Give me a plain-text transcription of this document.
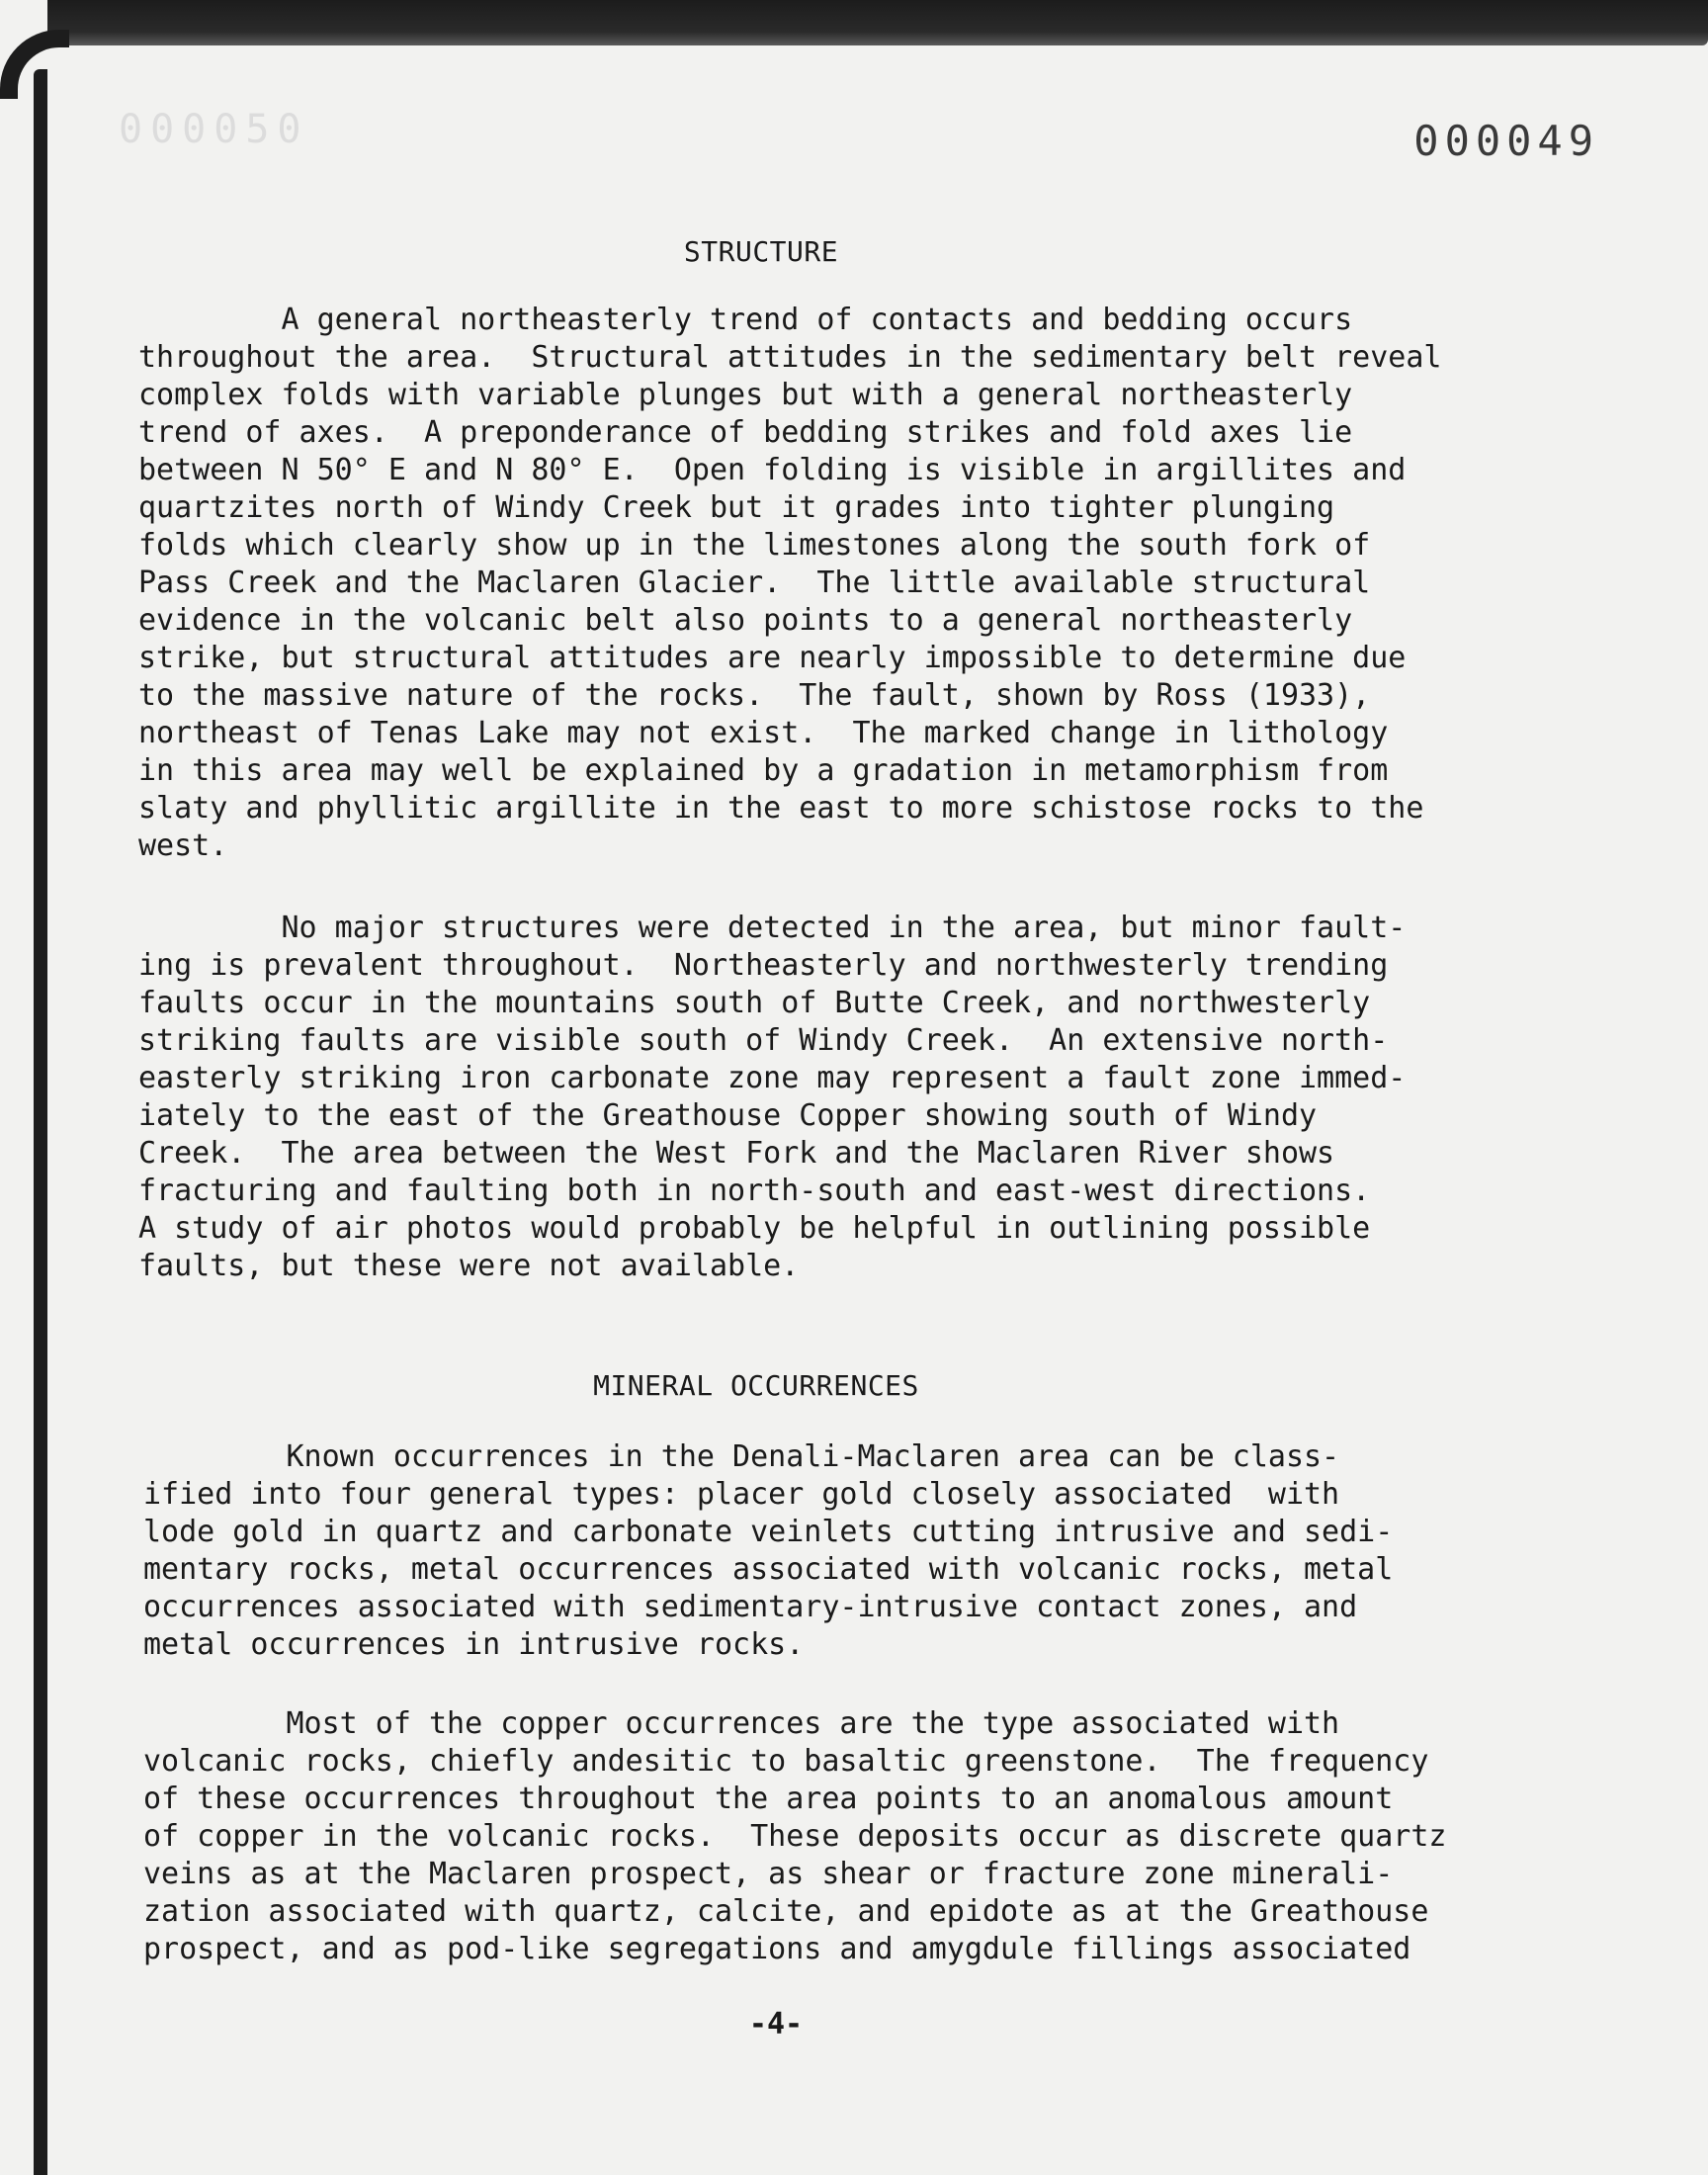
000050	000049
STRUCTURE

A general northeasterly trend of contacts and bedding occurs
throughout the area.  Structural attitudes in the sedimentary belt reveal
complex folds with variable plunges but with a general northeasterly
trend of axes.  A preponderance of bedding strikes and fold axes lie
between N 50° E and N 80° E.  Open folding is visible in argillites and
quartzites north of Windy Creek but it grades into tighter plunging
folds which clearly show up in the limestones along the south fork of
Pass Creek and the Maclaren Glacier.  The little available structural
evidence in the volcanic belt also points to a general northeasterly
strike, but structural attitudes are nearly impossible to determine due
to the massive nature of the rocks.  The fault, shown by Ross (1933),
northeast of Tenas Lake may not exist.  The marked change in lithology
in this area may well be explained by a gradation in metamorphism from
slaty and phyllitic argillite in the east to more schistose rocks to the
west.

No major structures were detected in the area, but minor fault-
ing is prevalent throughout.  Northeasterly and northwesterly trending
faults occur in the mountains south of Butte Creek, and northwesterly
striking faults are visible south of Windy Creek.  An extensive north-
easterly striking iron carbonate zone may represent a fault zone immed-
iately to the east of the Greathouse Copper showing south of Windy
Creek.  The area between the West Fork and the Maclaren River shows
fracturing and faulting both in north-south and east-west directions.
A study of air photos would probably be helpful in outlining possible
faults, but these were not available.

MINERAL OCCURRENCES

Known occurrences in the Denali-Maclaren area can be class-
ified into four general types: placer gold closely associated  with
lode gold in quartz and carbonate veinlets cutting intrusive and sedi-
mentary rocks, metal occurrences associated with volcanic rocks, metal
occurrences associated with sedimentary-intrusive contact zones, and
metal occurrences in intrusive rocks.

Most of the copper occurrences are the type associated with
volcanic rocks, chiefly andesitic to basaltic greenstone.  The frequency
of these occurrences throughout the area points to an anomalous amount
of copper in the volcanic rocks.  These deposits occur as discrete quartz
veins as at the Maclaren prospect, as shear or fracture zone minerali-
zation associated with quartz, calcite, and epidote as at the Greathouse
prospect, and as pod-like segregations and amygdule fillings associated

-4-
